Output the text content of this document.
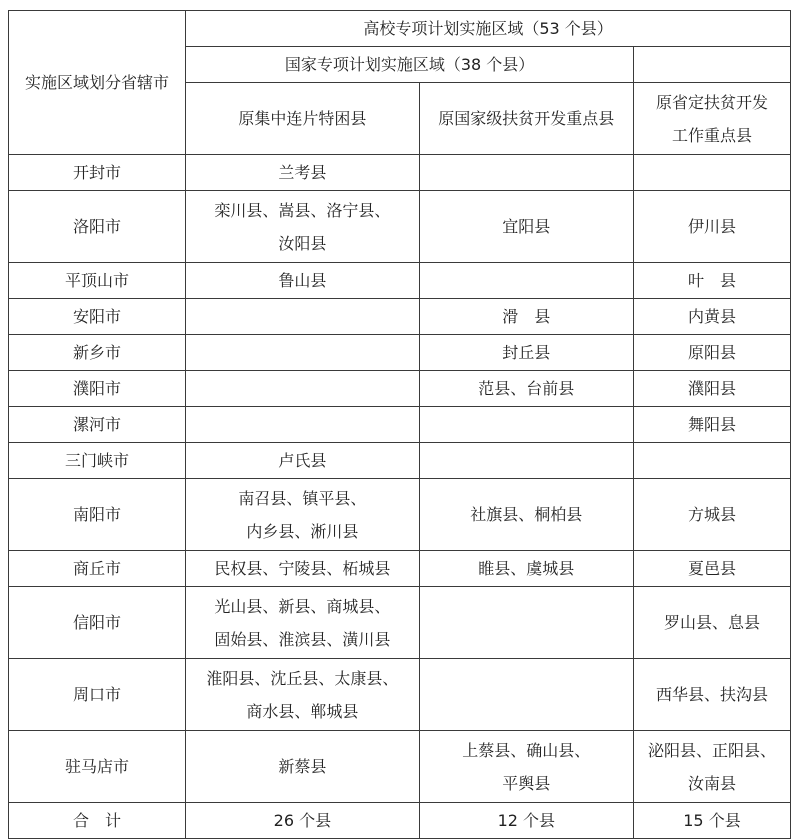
实施区域划分省辖市	高校专项计划实施区域（53 个县）		
	国家专项计划实施区域（38 个县）		
	原集中连片特困县	原国家级扶贫开发重点县	原省定扶贫开发
工作重点县

开封市	兰考县		

洛阳市	栾川县、嵩县、洛宁县、
汝阳县	宜阳县	伊川县

平顶山市	鲁山县		叶　县

安阳市		滑　县	内黄县

新乡市		封丘县	原阳县

濮阳市		范县、台前县	濮阳县

漯河市			舞阳县

三门峡市	卢氏县		

南阳市	南召县、镇平县、
内乡县、淅川县	社旗县、桐柏县	方城县

商丘市	民权县、宁陵县、柘城县	睢县、虞城县	夏邑县

信阳市	光山县、新县、商城县、
固始县、淮滨县、潢川县		罗山县、息县

周口市	淮阳县、沈丘县、太康县、
商水县、郸城县		西华县、扶沟县

驻马店市	新蔡县	上蔡县、确山县、
平舆县	泌阳县、正阳县、
汝南县

合　计	26 个县	12 个县	15 个县
